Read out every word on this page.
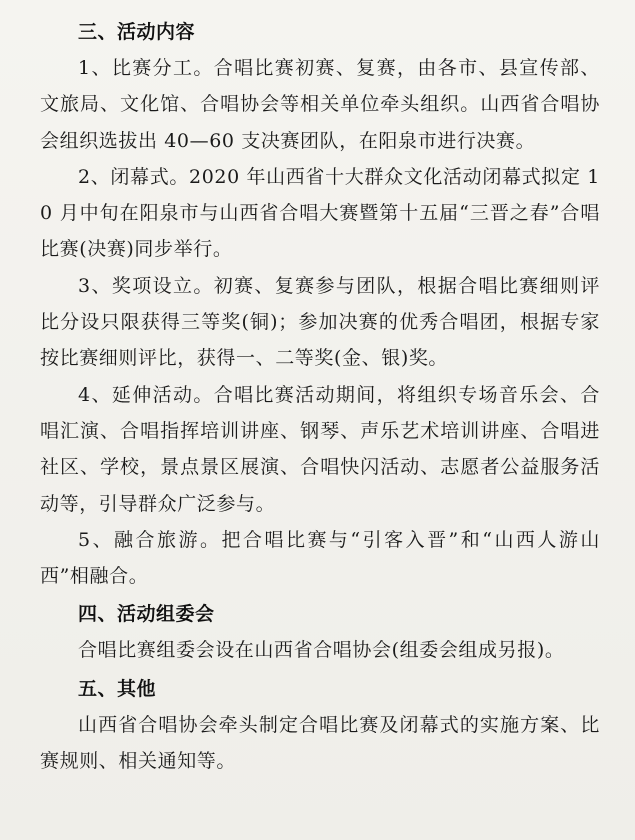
三、活动内容

1、比赛分工。合唱比赛初赛、复赛，由各市、县宣传部、文旅局、文化馆、合唱协会等相关单位牵头组织。山西省合唱协会组织选拔出 40—60 支决赛团队，在阳泉市进行决赛。

2、闭幕式。2020 年山西省十大群众文化活动闭幕式拟定 10 月中旬在阳泉市与山西省合唱大赛暨第十五届“三晋之春”合唱比赛(决赛)同步举行。

3、奖项设立。初赛、复赛参与团队，根据合唱比赛细则评比分设只限获得三等奖(铜)；参加决赛的优秀合唱团，根据专家按比赛细则评比，获得一、二等奖(金、银)奖。

4、延伸活动。合唱比赛活动期间，将组织专场音乐会、合唱汇演、合唱指挥培训讲座、钢琴、声乐艺术培训讲座、合唱进社区、学校，景点景区展演、合唱快闪活动、志愿者公益服务活动等，引导群众广泛参与。

5、融合旅游。把合唱比赛与“引客入晋”和“山西人游山西”相融合。

四、活动组委会

合唱比赛组委会设在山西省合唱协会(组委会组成另报)。

五、其他

山西省合唱协会牵头制定合唱比赛及闭幕式的实施方案、比赛规则、相关通知等。
